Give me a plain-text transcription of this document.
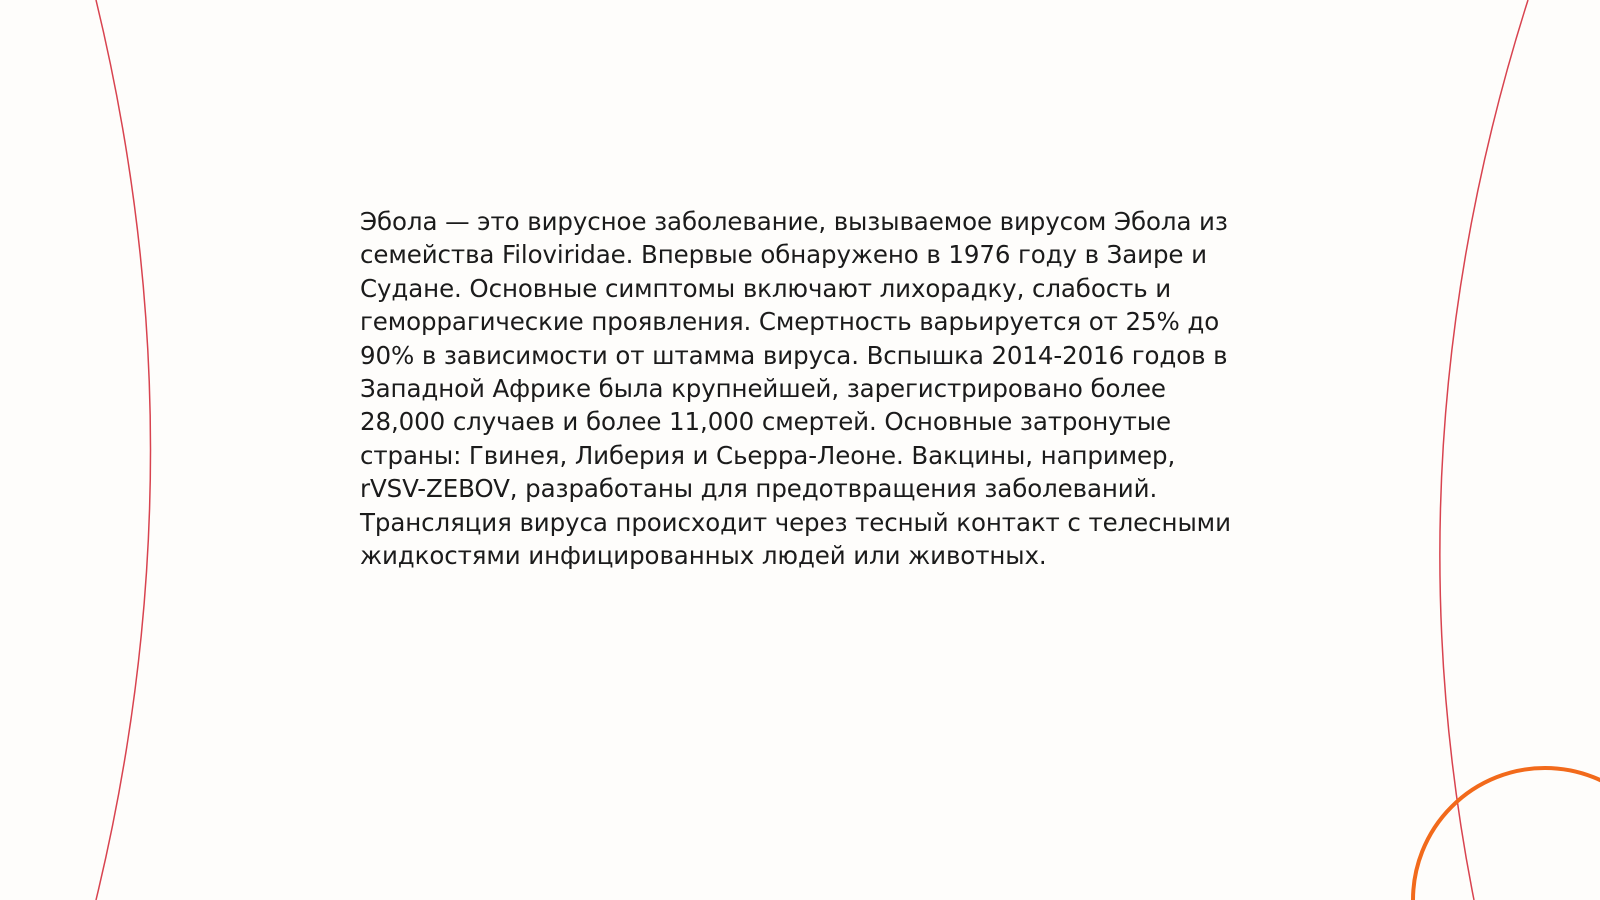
Эбола — это вирусное заболевание, вызываемое вирусом Эбола из семейства Filoviridae. Впервые обнаружено в 1976 году в Заире и Судане. Основные симптомы включают лихорадку, слабость и геморрагические проявления. Смертность варьируется от 25% до 90% в зависимости от штамма вируса. Вспышка 2014-2016 годов в Западной Африке была крупнейшей, зарегистрировано более 28,000 случаев и более 11,000 смертей. Основные затронутые страны: Гвинея, Либерия и Сьерра-Леоне. Вакцины, например, rVSV-ZEBOV, разработаны для предотвращения заболеваний. Трансляция вируса происходит через тесный контакт с телесными жидкостями инфицированных людей или животных.
